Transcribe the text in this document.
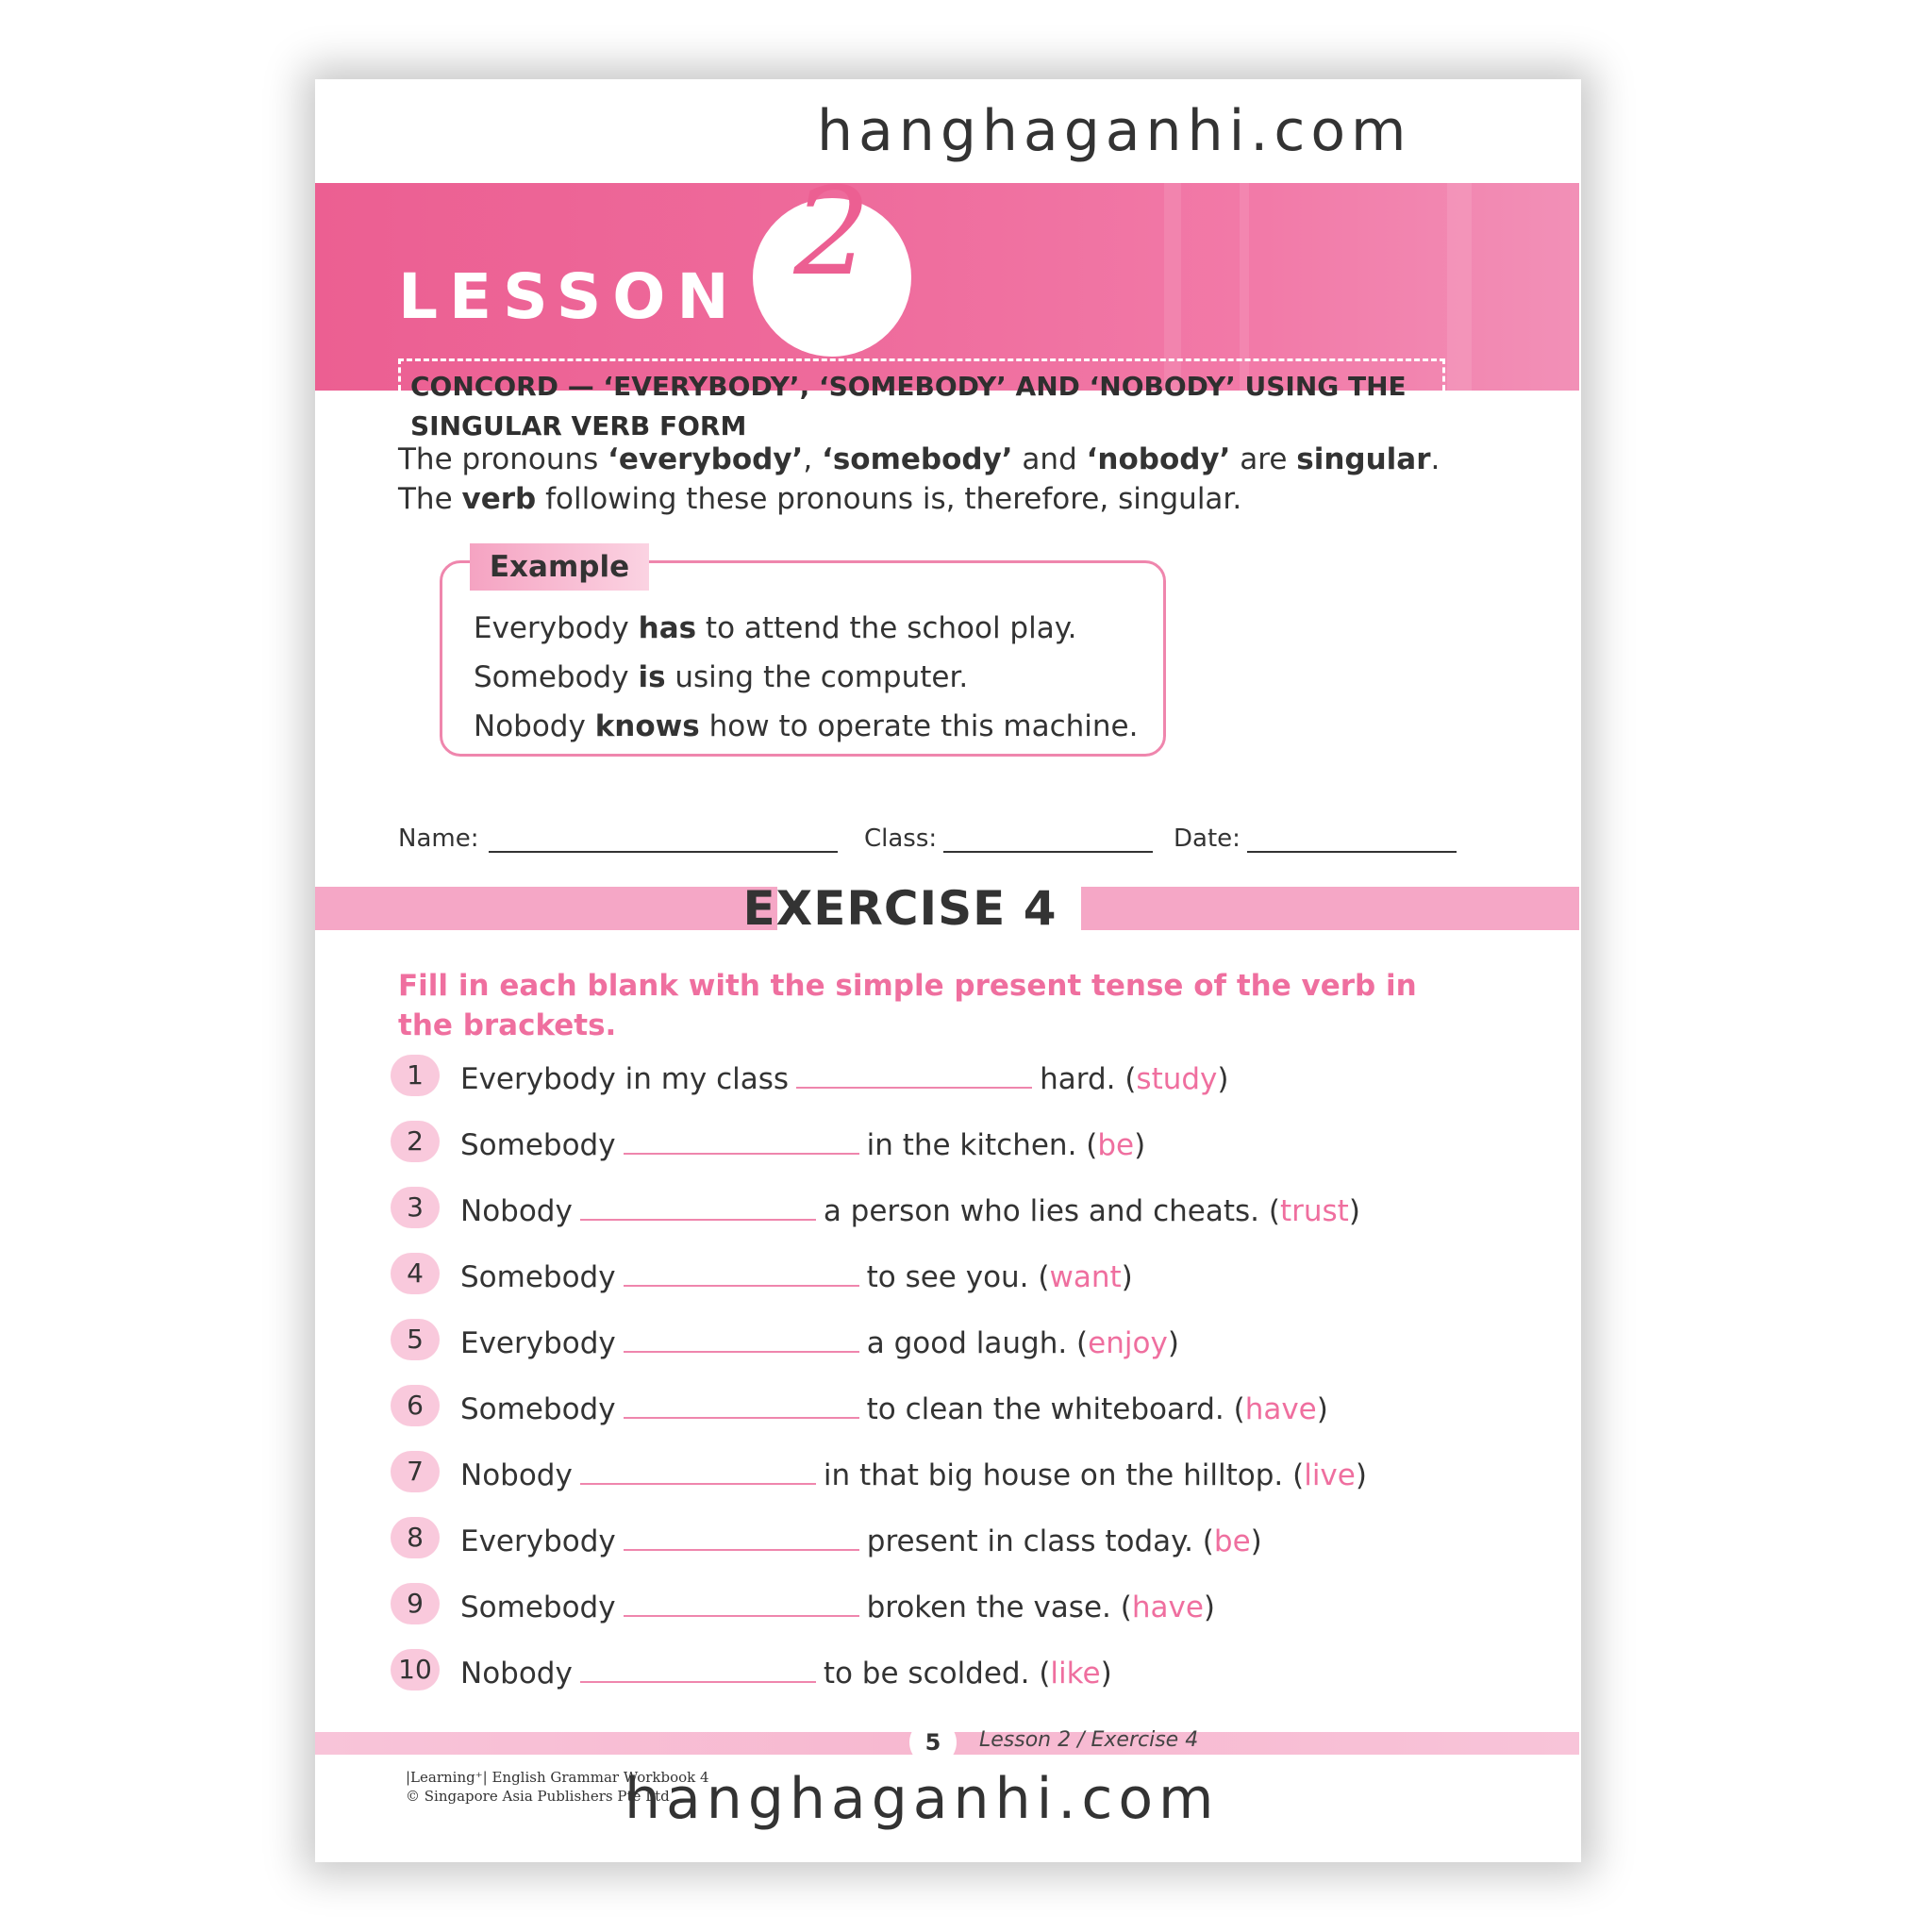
LESSON 2
CONCORD — ‘EVERYBODY’, ‘SOMEBODY’ AND ‘NOBODY’ USING THE
SINGULAR VERB FORM
The pronouns ‘everybody’, ‘somebody’ and ‘nobody’ are singular. The verb following these pronouns is, therefore, singular.
Example
Everybody has to attend the school play.
Somebody is using the computer.
Nobody knows how to operate this machine.
Name:	Class:	Date:
EXERCISE 4
Fill in each blank with the simple present tense of the verb in the brackets.
1	Everybody in my class	hard. (study)
2	Somebody	in the kitchen. (be)
3	Nobody	a person who lies and cheats. (trust)
4	Somebody	to see you. (want)
5	Everybody	a good laugh. (enjoy)
6	Somebody	to clean the whiteboard. (have)
7	Nobody	in that big house on the hilltop. (live)
8	Everybody	present in class today. (be)
9	Somebody	broken the vase. (have)
10 Nobody	to be scolded. (like)
5	Lesson 2 / Exercise 4
|Learning⁺| English Grammar Workbook 4
© Singapore Asia Publishers Pte Ltd
hanghaganhi.com
hanghaganhi.com
